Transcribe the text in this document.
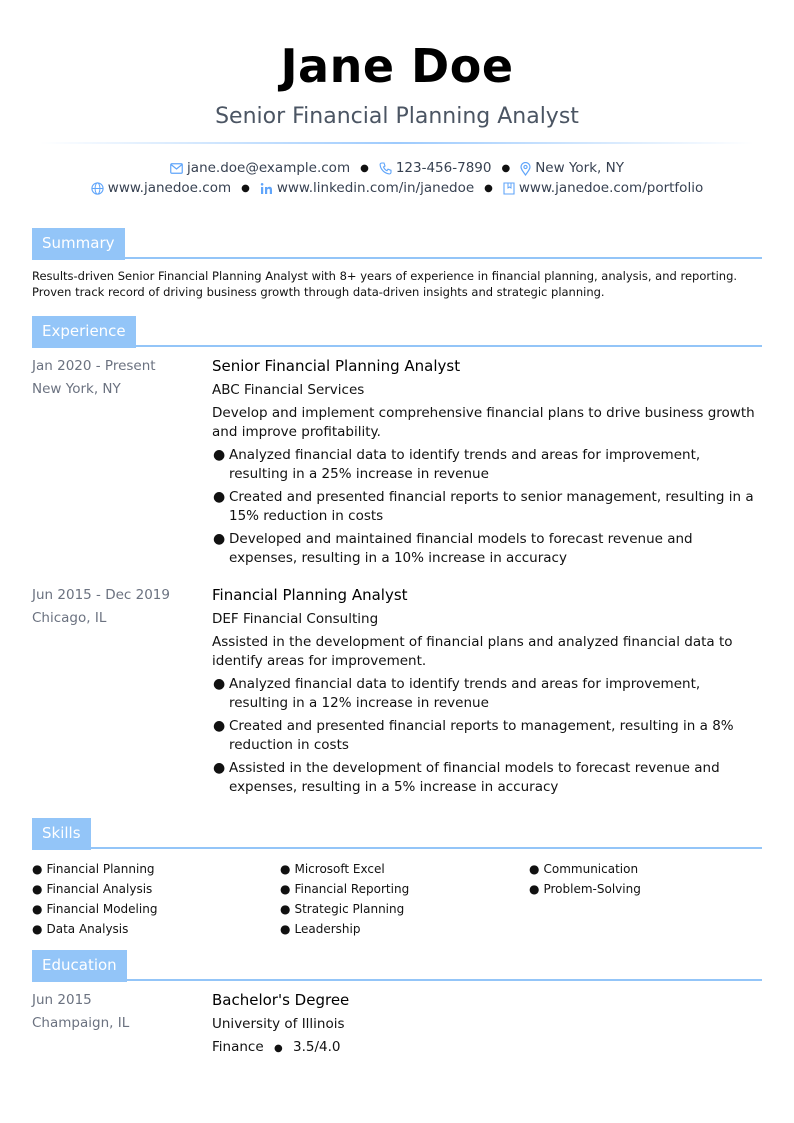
Jane Doe
Senior Financial Planning Analyst
jane.doe@example.com ● 123-456-7890 ● New York, NY
www.janedoe.com ● www.linkedin.com/in/janedoe ● www.janedoe.com/portfolio
Summary
Results-driven Senior Financial Planning Analyst with 8+ years of experience in financial planning, analysis, and reporting. Proven track record of driving business growth through data-driven insights and strategic planning.
Experience
Jan 2020 - Present
New York, NY
Senior Financial Planning Analyst
ABC Financial Services
Develop and implement comprehensive financial plans to drive business growth and improve profitability.
● Analyzed financial data to identify trends and areas for improvement, resulting in a 25% increase in revenue
● Created and presented financial reports to senior management, resulting in a 15% reduction in costs
● Developed and maintained financial models to forecast revenue and expenses, resulting in a 10% increase in accuracy
Jun 2015 - Dec 2019
Chicago, IL
Financial Planning Analyst
DEF Financial Consulting
Assisted in the development of financial plans and analyzed financial data to identify areas for improvement.
● Analyzed financial data to identify trends and areas for improvement, resulting in a 12% increase in revenue
● Created and presented financial reports to management, resulting in a 8% reduction in costs
● Assisted in the development of financial models to forecast revenue and expenses, resulting in a 5% increase in accuracy
Skills
● Financial Planning
● Financial Analysis
● Financial Modeling
● Data Analysis
● Microsoft Excel
● Financial Reporting
● Strategic Planning
● Leadership
● Communication
● Problem-Solving
Education
Jun 2015
Champaign, IL
Bachelor's Degree
University of Illinois
Finance ● 3.5/4.0
